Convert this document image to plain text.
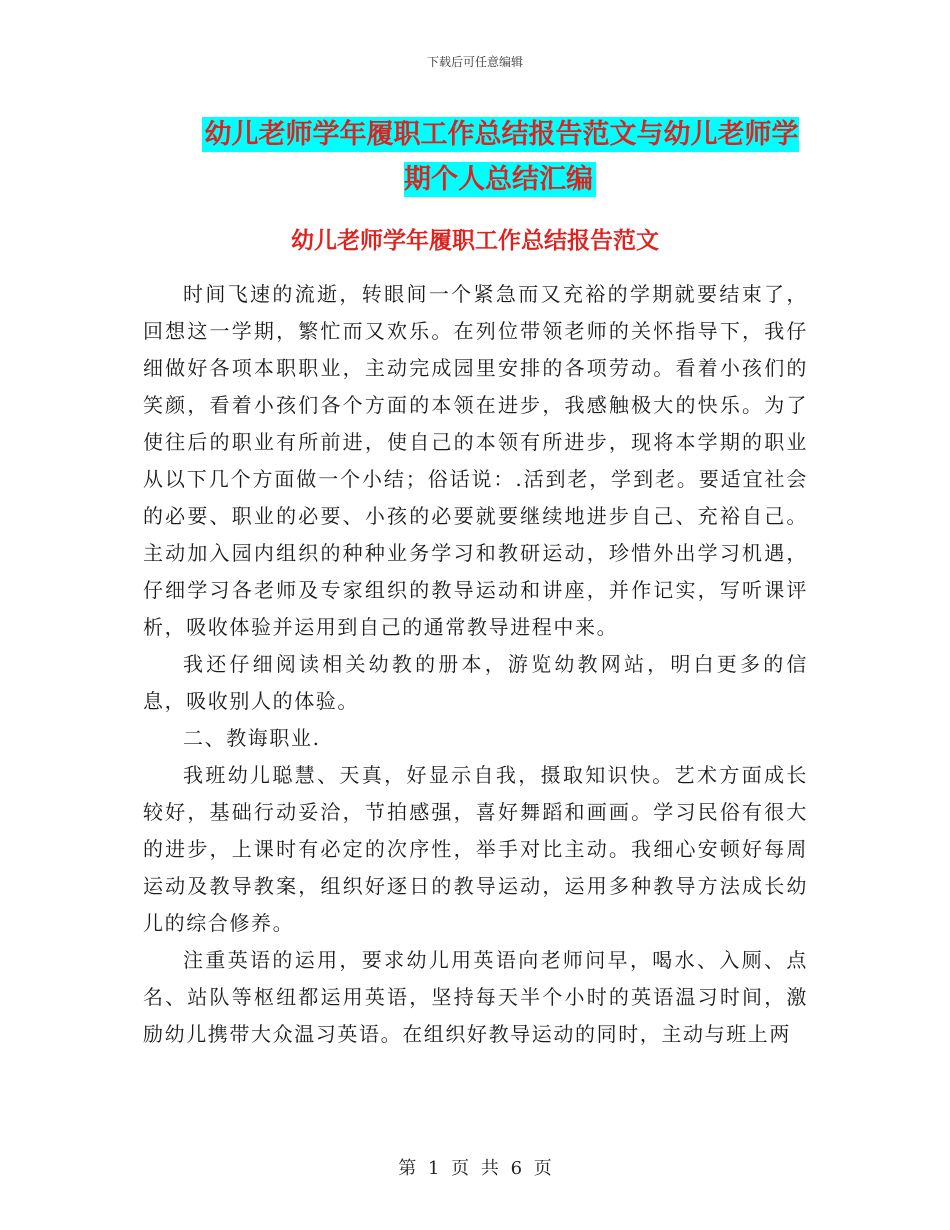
下载后可任意编辑
幼儿老师学年履职工作总结报告范文与幼儿老师学期个人总结汇编
幼儿老师学年履职工作总结报告范文

时间飞速的流逝，转眼间一个紧急而又充裕的学期就要结束了，回想这一学期，繁忙而又欢乐。在列位带领老师的关怀指导下，我仔细做好各项本职职业，主动完成园里安排的各项劳动。看着小孩们的笑颜，看着小孩们各个方面的本领在进步，我感触极大的快乐。为了使往后的职业有所前进，使自己的本领有所进步，现将本学期的职业从以下几个方面做一个小结；俗话说：.活到老，学到老。要适宜社会的必要、职业的必要、小孩的必要就要继续地进步自己、充裕自己。主动加入园内组织的种种业务学习和教研运动，珍惜外出学习机遇，仔细学习各老师及专家组织的教导运动和讲座，并作记实，写听课评析，吸收体验并运用到自己的通常教导进程中来。

我还仔细阅读相关幼教的册本，游览幼教网站，明白更多的信息，吸收别人的体验。

二、教诲职业.

我班幼儿聪慧、天真，好显示自我，摄取知识快。艺术方面成长较好，基础行动妥洽，节拍感强，喜好舞蹈和画画。学习民俗有很大的进步，上课时有必定的次序性，举手对比主动。我细心安顿好每周运动及教导教案，组织好逐日的教导运动，运用多种教导方法成长幼儿的综合修养。

注重英语的运用，要求幼儿用英语向老师问早，喝水、入厕、点名、站队等枢纽都运用英语，坚持每天半个小时的英语温习时间，激励幼儿携带大众温习英语。在组织好教导运动的同时，主动与班上两

第 1 页 共 6 页
